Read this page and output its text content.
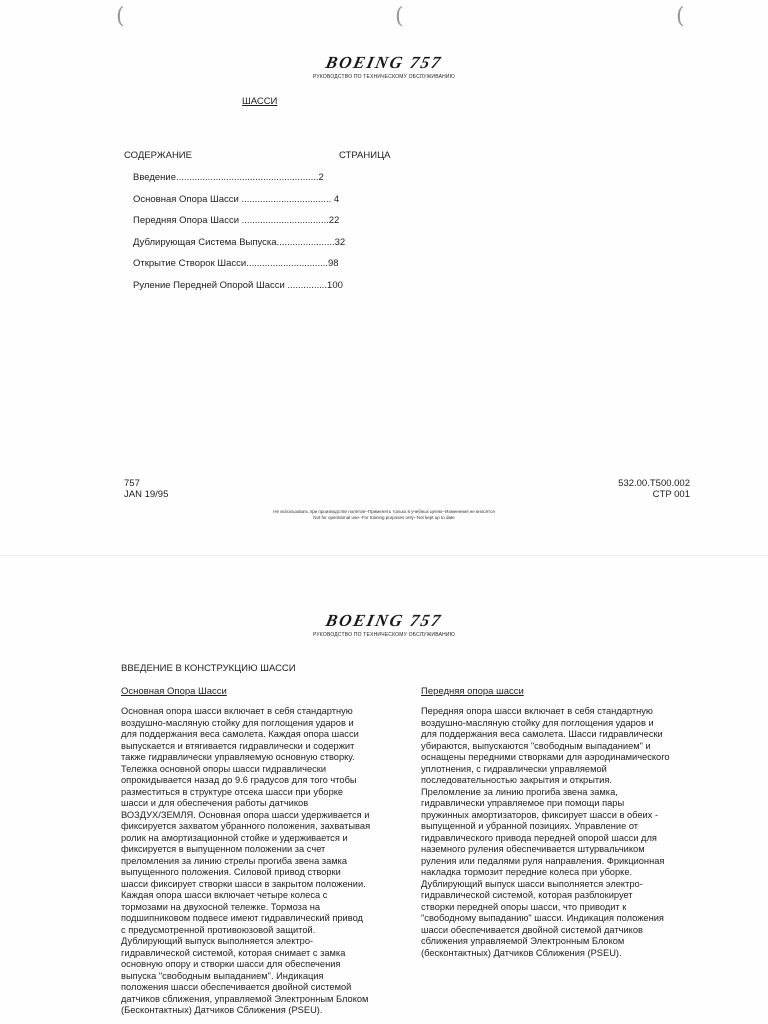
(	(	(
BOEING 757
РУКОВОДСТВО ПО ТЕХНИЧЕСКОМУ ОБСЛУЖИВАНИЮ
ШАССИ
СОДЕРЖАНИЕ	СТРАНИЦА
Введение......................................................2
Основная Опора Шасси .................................. 4
Передняя Опора Шасси .................................22
Дублирующая Система Выпуска......................32
Открытие Створок Шасси...............................98
Руление Передней Опорой Шасси ...............100
757
JAN 19/95
532.00.T500.002
CTP 001
Не использовать при производстве полетов--Применять только в учебных целях--Изменения не вносятся
Not for operational use--For training purposes only--Not kept up to date
BOEING 757
РУКОВОДСТВО ПО ТЕХНИЧЕСКОМУ ОБСЛУЖИВАНИЮ
ВВЕДЕНИЕ В КОНСТРУКЦИЮ ШАССИ
Основная Опора Шасси	Передняя опора шасси
Основная опора шасси включает в себя стандартную
воздушно-масляную стойку для поглощения ударов и
для поддержания веса самолета. Каждая опора шасси
выпускается и втягивается гидравлически и содержит
также гидравлически управляемую основную створку.
Тележка основной опоры шасси гидравлически
опрокидывается назад до 9.6 градусов для того чтобы
разместиться в структуре отсека шасси при уборке
шасси и для обеспечения работы датчиков
ВОЗДУХ/ЗЕМЛЯ. Основная опора шасси удерживается и
фиксируется захватом убранного положения, захватывая
ролик на амортизационной стойке и удерживается и
фиксируется в выпущенном положении за счет
преломления за линию стрелы прогиба звена замка
выпущенного положения. Силовой привод створки
шасси фиксирует створки шасси в закрытом положении.
Каждая опора шасси включает четыре колеса с
тормозами на двухосной тележке. Тормоза на
подшипниковом подвесе имеют гидравлический привод
с предусмотренной противоюзовой защитой.
Дублирующий выпуск выполняется электро-
гидравлической системой, которая снимает с замка
основную опору и створки шасси для обеспечения
выпуска "свободным выпаданием". Индикация
положения шасси обеспечивается двойной системой
датчиков сближения, управляемой Электронным Блоком
(Бесконтактных) Датчиков Сближения (PSEU).
Передняя опора шасси включает в себя стандартную
воздушно-масляную стойку для поглощения ударов и
для поддержания веса самолета. Шасси гидравлически
убираются, выпускаются "свободным выпаданием" и
оснащены передними створками для аэродинамического
уплотнения, с гидравлически управляемой
последовательностью закрытия и открытия.
Преломление за линию прогиба звена замка,
гидравлически управляемое при помощи пары
пружинных амортизаторов, фиксирует шасси в обеих -
выпущенной и убранной позициях. Управление от
гидравлического привода передней опорой шасси для
наземного руления обеспечивается штурвальчиком
руления или педалями руля направления. Фрикционная
накладка тормозит передние колеса при уборке.
Дублирующий выпуск шасси выполняется электро-
гидравлической системой, которая разблокирует
створки передней опоры шасси, что приводит к
"свободному выпаданию" шасси. Индикация положения
шасси обеспечивается двойной системой датчиков
сближения управляемой Электронным Блоком
(бесконтактных) Датчиков Сближения (PSEU).
